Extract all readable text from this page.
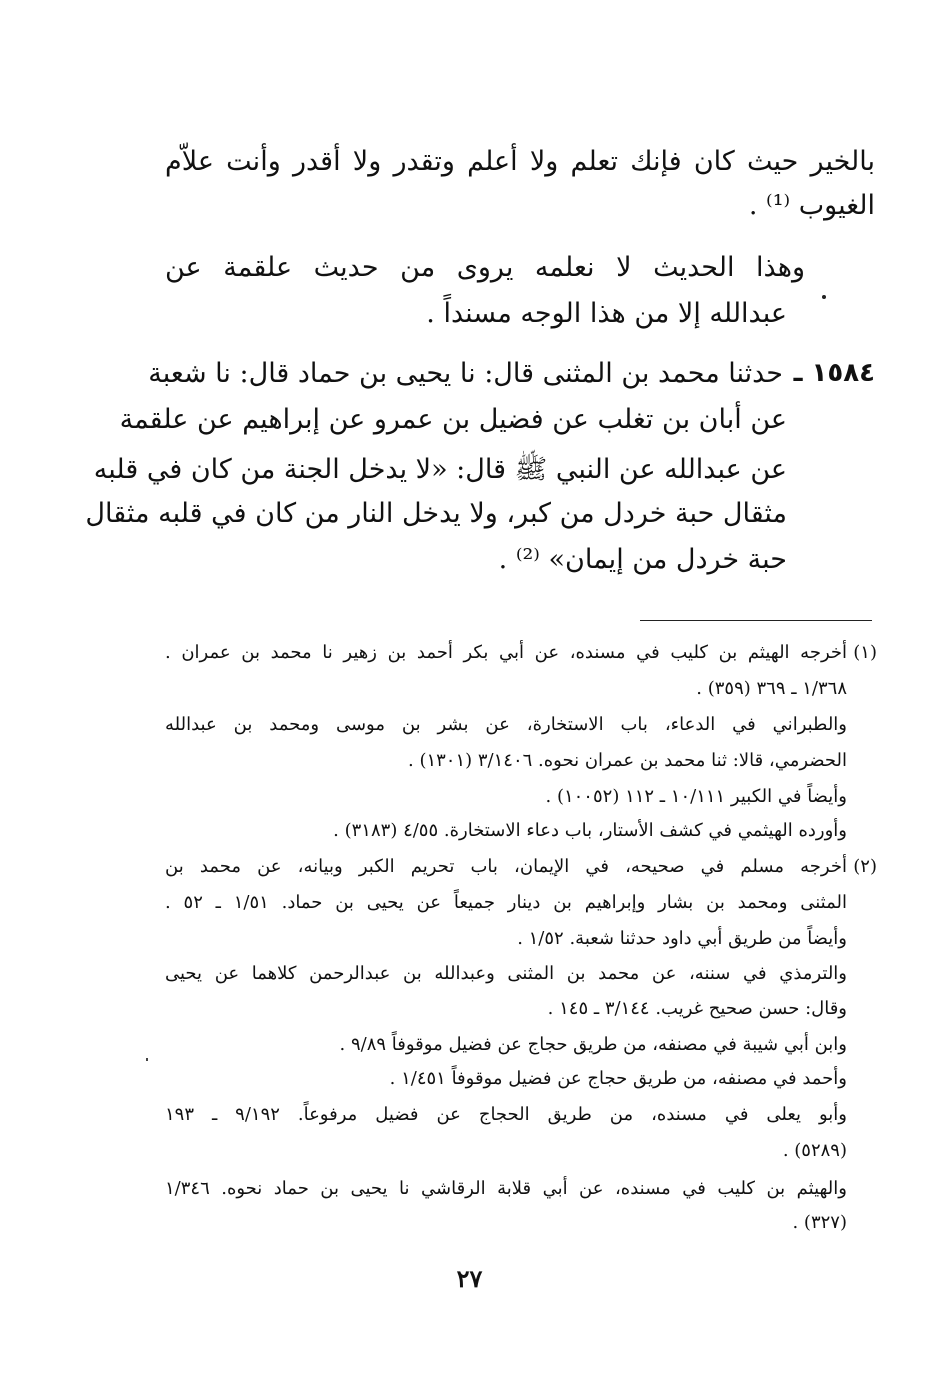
بالخير حيث كان فإنك تعلم ولا أعلم وتقدر ولا أقدر وأنت علاّم
الغيوب ⁽¹⁾ .
وهذا الحديث لا نعلمه يروى من حديث علقمة عن
عبدالله إلا من هذا الوجه مسنداً .
١٥٨٤ ـ
حدثنا محمد بن المثنى قال: نا يحيى بن حماد قال: نا شعبة
عن أبان بن تغلب عن فضيل بن عمرو عن إبراهيم عن علقمة
عن عبدالله عن النبي ﷺ قال: «لا يدخل الجنة من كان في قلبه
مثقال حبة خردل من كبر، ولا يدخل النار من كان في قلبه مثقال
حبة خردل من إيمان» ⁽²⁾ .
(١)
أخرجه الهيثم بن كليب في مسنده، عن أبي بكر أحمد بن زهير نا محمد بن عمران .
١/٣٦٨ ـ ٣٦٩ (٣٥٩) .
والطبراني في الدعاء، باب الاستخارة، عن بشر بن موسى ومحمد بن عبدالله
الحضرمي، قالا: ثنا محمد بن عمران نحوه. ٣/١٤٠٦ (١٣٠١) .
وأيضاً في الكبير ١٠/١١١ ـ ١١٢ (١٠٠٥٢) .
وأورده الهيثمي في كشف الأستار، باب دعاء الاستخارة. ٤/٥٥ (٣١٨٣) .
(٢)
أخرجه مسلم في صحيحه، في الإيمان، باب تحريم الكبر وبيانه، عن محمد بن
المثنى ومحمد بن بشار وإبراهيم بن دينار جميعاً عن يحيى بن حماد. ١/٥١ ـ ٥٢ .
وأيضاً من طريق أبي داود حدثنا شعبة. ١/٥٢ .
والترمذي في سننه، عن محمد بن المثنى وعبدالله بن عبدالرحمن كلاهما عن يحيى
وقال: حسن صحيح غريب. ٣/١٤٤ ـ ١٤٥ .
وابن أبي شيبة في مصنفه، من طريق حجاج عن فضيل موقوفاً ٩/٨٩ .
وأحمد في مصنفه، من طريق حجاج عن فضيل موقوفاً ١/٤٥١ .
وأبو يعلى في مسنده، من طريق الحجاج عن فضيل مرفوعاً. ٩/١٩٢ ـ ١٩٣
(٥٢٨٩) .
والهيثم بن كليب في مسنده، عن أبي قلابة الرقاشي نا يحيى بن حماد نحوه. ١/٣٤٦
(٣٢٧) .
٢٧
